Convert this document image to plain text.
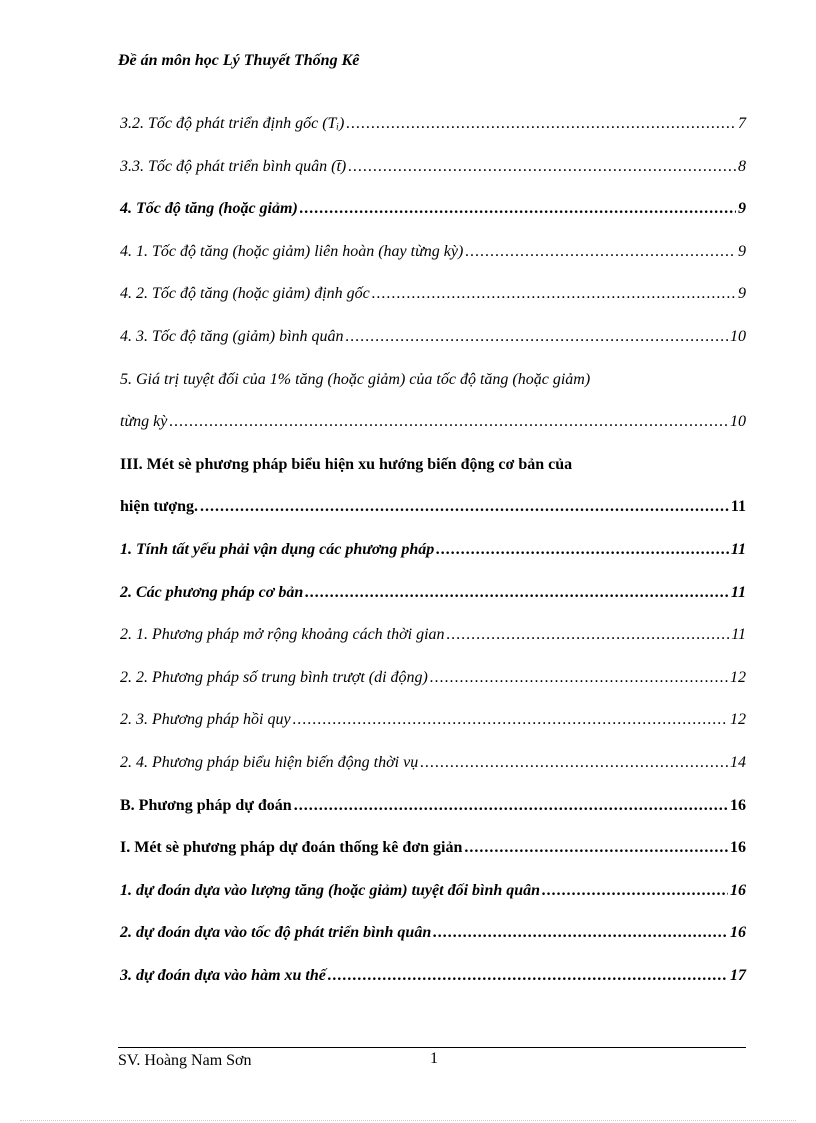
Đề án môn học Lý Thuyết Thống Kê
3.2. Tốc độ phát triển định gốc (Tᵢ) .....	7
3.3. Tốc độ phát triển bình quân (t̄) .....	8
4. Tốc độ tăng (hoặc giảm) .....	9
4. 1. Tốc độ tăng (hoặc giảm) liên hoàn (hay từng kỳ) .....	9
4. 2. Tốc độ tăng (hoặc giảm) định gốc .....	9
4. 3. Tốc độ tăng (giảm) bình quân .....	10
5. Giá trị tuyệt đối của 1% tăng (hoặc giảm) của tốc độ tăng (hoặc giảm)
từng kỳ .....	10
III. Mét sè phương pháp biểu hiện xu hướng biến động cơ bản của
hiện tượng. .....	11
1. Tính tất yếu phải vận dụng các phương pháp .....	11
2. Các phương pháp cơ bản .....	11
2. 1. Phương pháp mở rộng khoảng cách thời gian .....	11
2. 2. Phương pháp số trung bình trượt (di động) .....	12
2. 3. Phương pháp hồi quy .....	12
2. 4. Phương pháp biểu hiện biến động thời vụ .....	14
B. Phương pháp dự đoán .....	16
I. Mét sè phương pháp dự đoán thống kê đơn giản .....	16
1. dự đoán dựa vào lượng tăng (hoặc giảm) tuyệt đối bình quân .....	16
2. dự đoán dựa vào tốc độ phát triển bình quân .....	16
3. dự đoán dựa vào hàm xu thế .....	17
SV. Hoàng Nam Sơn	1
